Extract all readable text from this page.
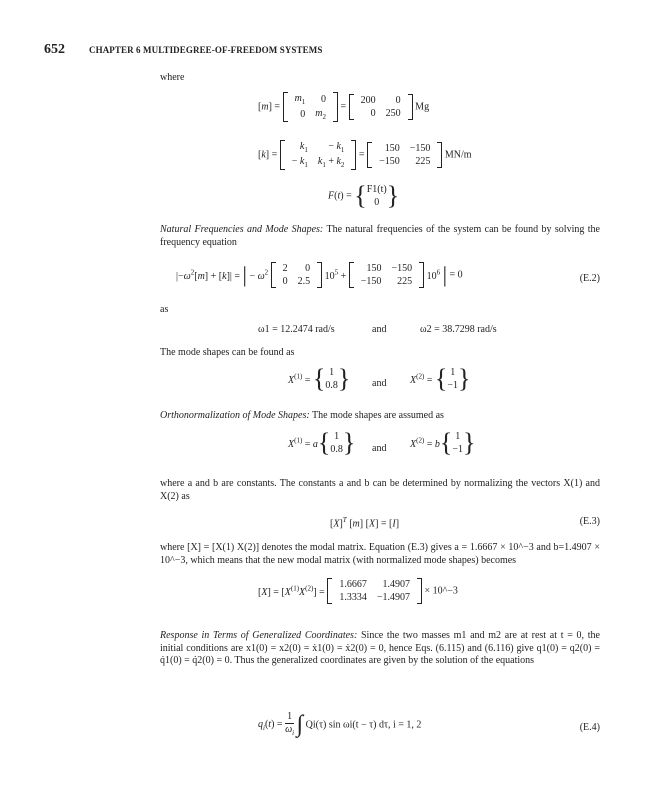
652	CHAPTER 6 MULTIDEGREE-OF-FREEDOM SYSTEMS
where
[m] =
$m_1$	0
0	$m_2$
=
200	0
0	250
Mg
[k] =
$k_1$	− $k_1$
− $k_1$	$k_1 + k_2$
=
150	−150
−150	225
MN/m
F(t) = {F1(t)
0 }
Natural Frequencies and Mode Shapes: The natural frequencies of the system can be found by solving the frequency equation
$|-\omega^2[m] + [k]|$ = | − $\omega^2$ 2	0
0	2.5 $10^5$ +
150	−150
−150	225 $10^6$ | = 0	(E.2)
as
ω1 = 12.2474 rad/s	and	ω2 = 38.7298 rad/s
The mode shapes can be found as
$X^{(1)}$ = { 1
0.8} and $X^{(2)}$ = { 1
−1}
Orthonormalization of Mode Shapes: The mode shapes are assumed as
$X^{(1)} = a${ 1
0.8} and $X^{(2)} = b${ 1
−1}
where a and b are constants. The constants a and b can be determined by normalizing the vectors X(1) and X(2) as
$[X]^T$ [m] [X] = [I]	(E.3)
where [X] = [X(1) X(2)] denotes the modal matrix. Equation (E.3) gives a = 1.6667 × 10^−3 and b=1.4907 × 10^−3, which means that the new modal matrix (with normalized mode shapes) becomes
$[X] = [X^{(1)}X^{(2)}]$ =
1.6667	1.4907
1.3334	−1.4907
× 10^−3
Response in Terms of Generalized Coordinates: Since the two masses m1 and m2 are at rest at t = 0, the initial conditions are x1(0) = x2(0) = ẋ1(0) = ẋ2(0) = 0, hence Eqs. (6.115) and (6.116) give q1(0) = q2(0) = q̇1(0) = q̇2(0) = 0. Thus the generalized coordinates are given by the solution of the equations
$q_i(t) = \frac{1}{\omega_i}$ ∫ Qi(τ) sin ωi(t − τ) dτ, i = 1, 2	(E.4)
